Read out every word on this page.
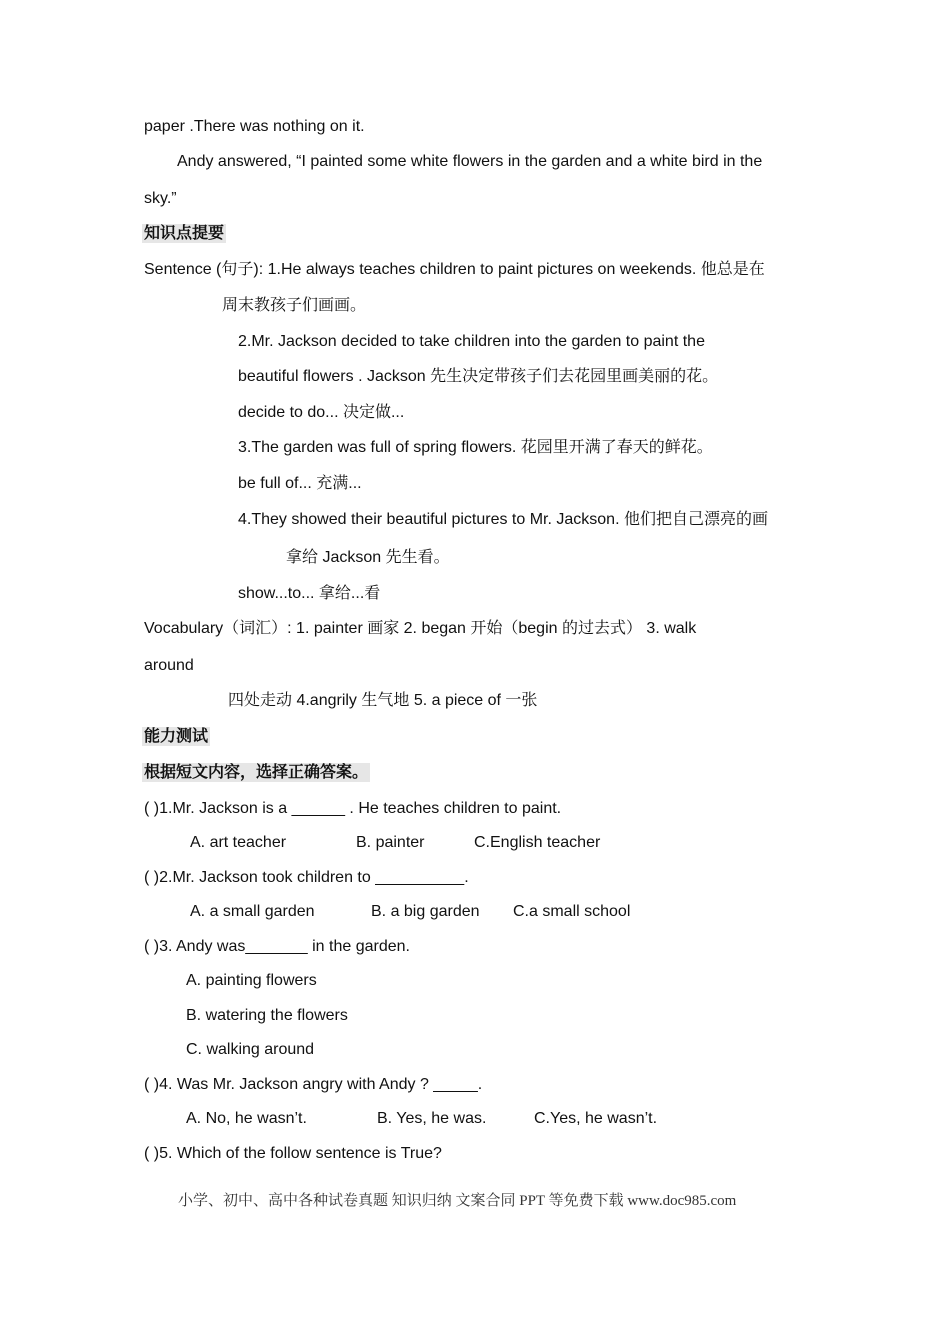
paper .There was nothing on it.
Andy answered, “I painted some white flowers in the garden and a white bird in the
sky.”
知识点提要
Sentence (句子): 1.He always teaches children to paint pictures on weekends. 他总是在
周末教孩子们画画。
2.Mr. Jackson decided to take children into the garden to paint the
beautiful flowers . Jackson 先生决定带孩子们去花园里画美丽的花。
decide to do... 决定做...
3.The garden was full of spring flowers. 花园里开满了春天的鲜花。
be full of... 充满...
4.They showed their beautiful pictures to Mr. Jackson. 他们把自己漂亮的画
拿给 Jackson 先生看。
show...to... 拿给...看
Vocabulary（词汇）: 1. painter 画家 2. began 开始（begin 的过去式） 3. walk
around
四处走动 4.angrily 生气地 5. a piece of 一张
能力测试
根据短文内容，选择正确答案。
( )1.Mr. Jackson is a ______ . He teaches children to paint.
A. art teacher	B. painter	C.English teacher
( )2.Mr. Jackson took children to __________.
A. a small garden	B. a big garden C.a small school
( )3. Andy was_______ in the garden.
A. painting flowers
B. watering the flowers
C. walking around
( )4. Was Mr. Jackson angry with Andy ? _____.
A. No, he wasn’t.	B. Yes, he was.	C.Yes, he wasn’t.
( )5. Which of the follow sentence is True?
小学、初中、高中各种试卷真题 知识归纳 文案合同 PPT 等免费下载 www.doc985.com
